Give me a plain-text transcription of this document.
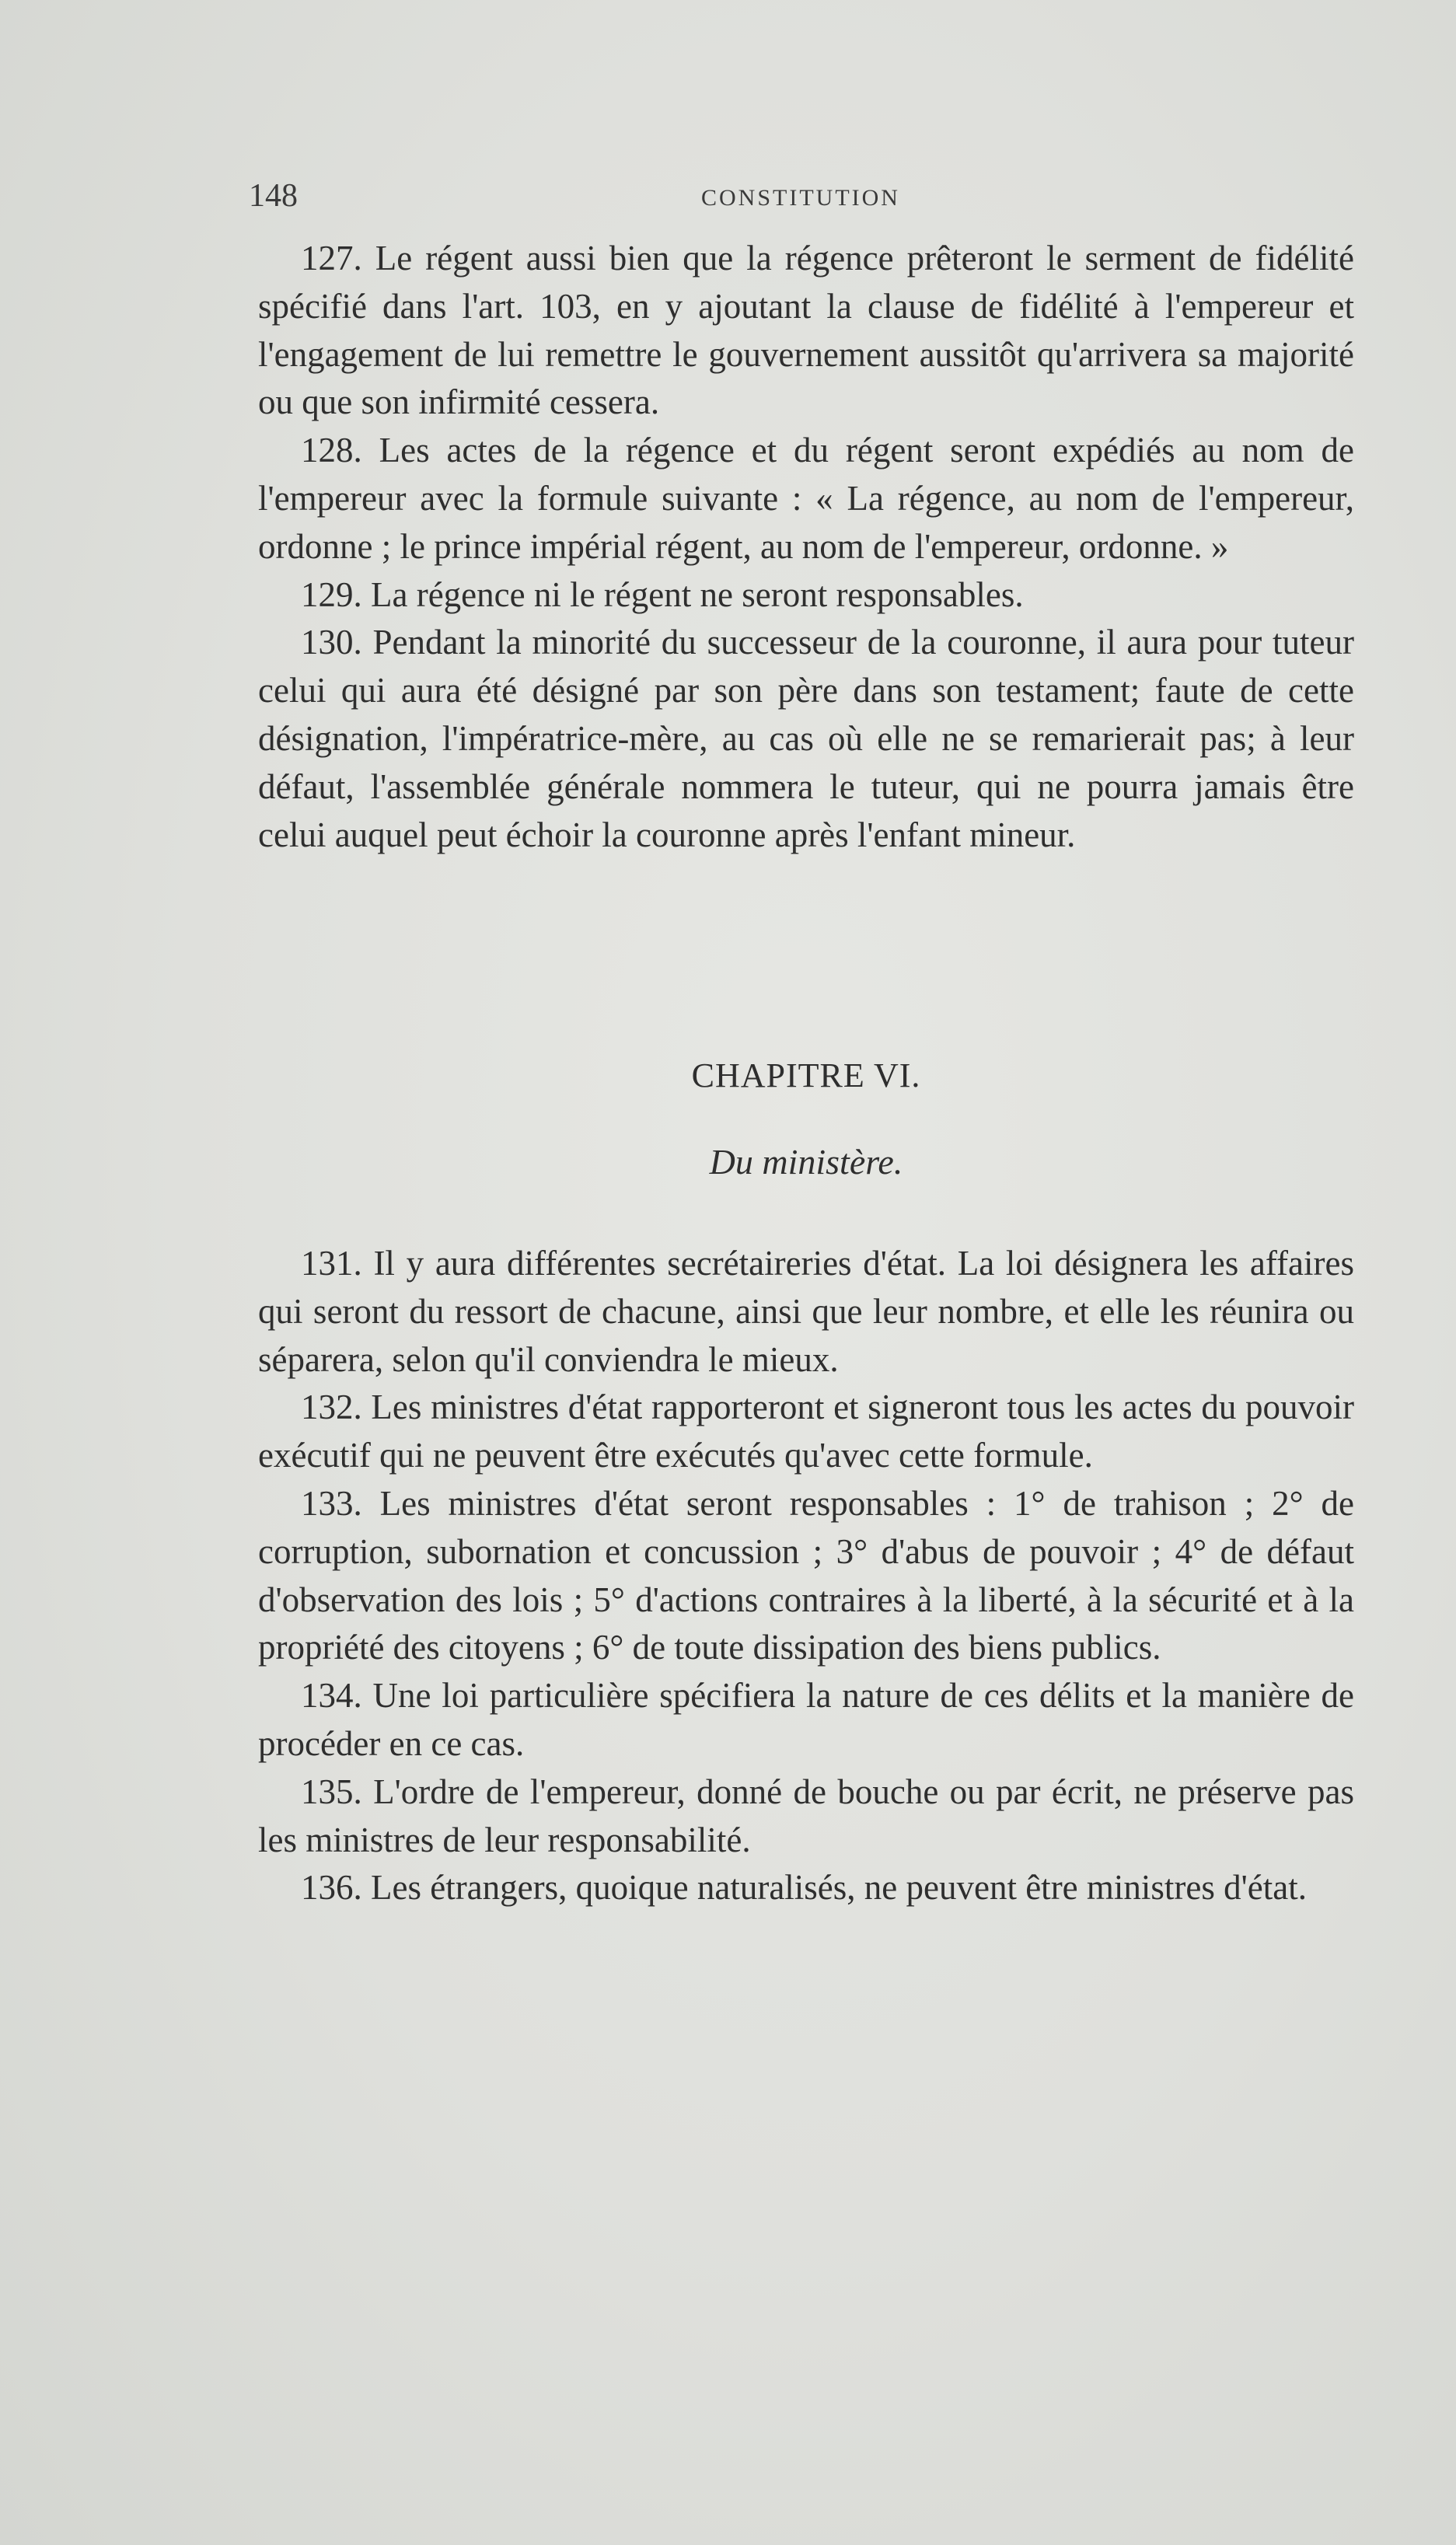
148	CONSTITUTION

127. Le régent aussi bien que la régence prêteront le serment de fidélité spécifié dans l'art. 103, en y ajoutant la clause de fidélité à l'empereur et l'engagement de lui remettre le gouvernement aussitôt qu'arrivera sa majorité ou que son infirmité cessera.

128. Les actes de la régence et du régent seront expédiés au nom de l'empereur avec la formule suivante : « La régence, au nom de l'empereur, ordonne ; le prince impérial régent, au nom de l'empereur, ordonne. »

129. La régence ni le régent ne seront responsables.

130. Pendant la minorité du successeur de la couronne, il aura pour tuteur celui qui aura été désigné par son père dans son testament; faute de cette désignation, l'impératrice-mère, au cas où elle ne se remarierait pas; à leur défaut, l'assemblée générale nommera le tuteur, qui ne pourra jamais être celui auquel peut échoir la couronne après l'enfant mineur.

CHAPITRE VI.
Du ministère.

131. Il y aura différentes secrétaireries d'état. La loi désignera les affaires qui seront du ressort de chacune, ainsi que leur nombre, et elle les réunira ou séparera, selon qu'il conviendra le mieux.

132. Les ministres d'état rapporteront et signeront tous les actes du pouvoir exécutif qui ne peuvent être exécutés qu'avec cette formule.

133. Les ministres d'état seront responsables : 1° de trahison ; 2° de corruption, subornation et concussion ; 3° d'abus de pouvoir ; 4° de défaut d'observation des lois ; 5° d'actions contraires à la liberté, à la sécurité et à la propriété des citoyens ; 6° de toute dissipation des biens publics.

134. Une loi particulière spécifiera la nature de ces délits et la manière de procéder en ce cas.

135. L'ordre de l'empereur, donné de bouche ou par écrit, ne préserve pas les ministres de leur responsabilité.

136. Les étrangers, quoique naturalisés, ne peuvent être ministres d'état.
